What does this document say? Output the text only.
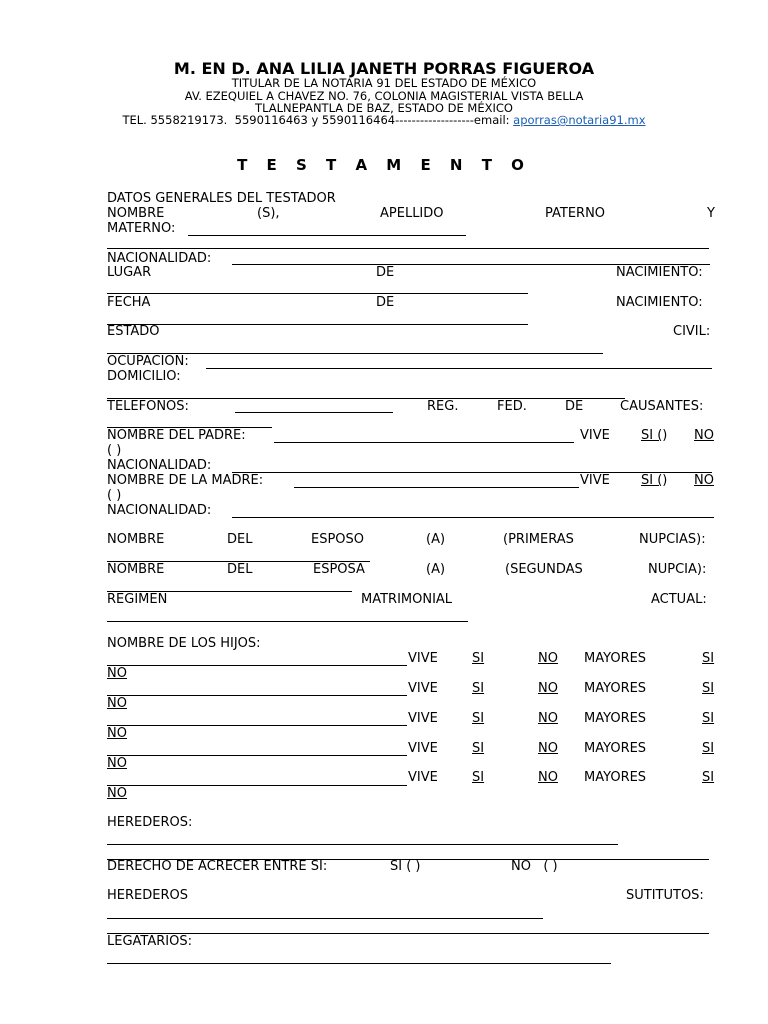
M. EN D. ANA LILIA JANETH PORRAS FIGUEROA
TITULAR DE LA NOTARIA 91 DEL ESTADO DE MÉXICO
AV. EZEQUIEL A CHAVEZ NO. 76, COLONIA MAGISTERIAL VISTA BELLA
TLALNEPANTLA DE BAZ, ESTADO DE MÉXICO
TEL. 5558219173.  5590116463 y 5590116464-------------------email: aporras@notaria91.mx
T E S T A M E N T O
DATOS GENERALES DEL TESTADOR
NOMBRE	(S),	APELLIDO	PATERNO	Y
MATERNO:
NACIONALIDAD:
LUGAR	DE	NACIMIENTO:
FECHA	DE	NACIMIENTO:
ESTADO	CIVIL:
OCUPACION:
DOMICILIO:
TELEFONOS:	REG.	FED.	DE	CAUSANTES:
NOMBRE DEL PADRE:	VIVE SI () NO
( )
NACIONALIDAD:
NOMBRE DE LA MADRE:	VIVE SI () NO
( )
NACIONALIDAD:
NOMBRE	DEL	ESPOSO	(A)	(PRIMERAS	NUPCIAS):
NOMBRE	DEL	ESPOSA	(A)	(SEGUNDAS	NUPCIA):
REGIMEN	MATRIMONIAL	ACTUAL:
NOMBRE DE LOS HIJOS:
VIVE	SI	NO MAYORES	SI
NO
VIVE	SI	NO MAYORES	SI
NO
VIVE	SI	NO MAYORES	SI
NO
VIVE	SI	NO MAYORES	SI
NO
VIVE	SI	NO MAYORES	SI
NO
HEREDEROS:
DERECHO DE ACRECER ENTRE SI:	SI ( )	NO   ( )
HEREDEROS	SUTITUTOS:
LEGATARIOS:
